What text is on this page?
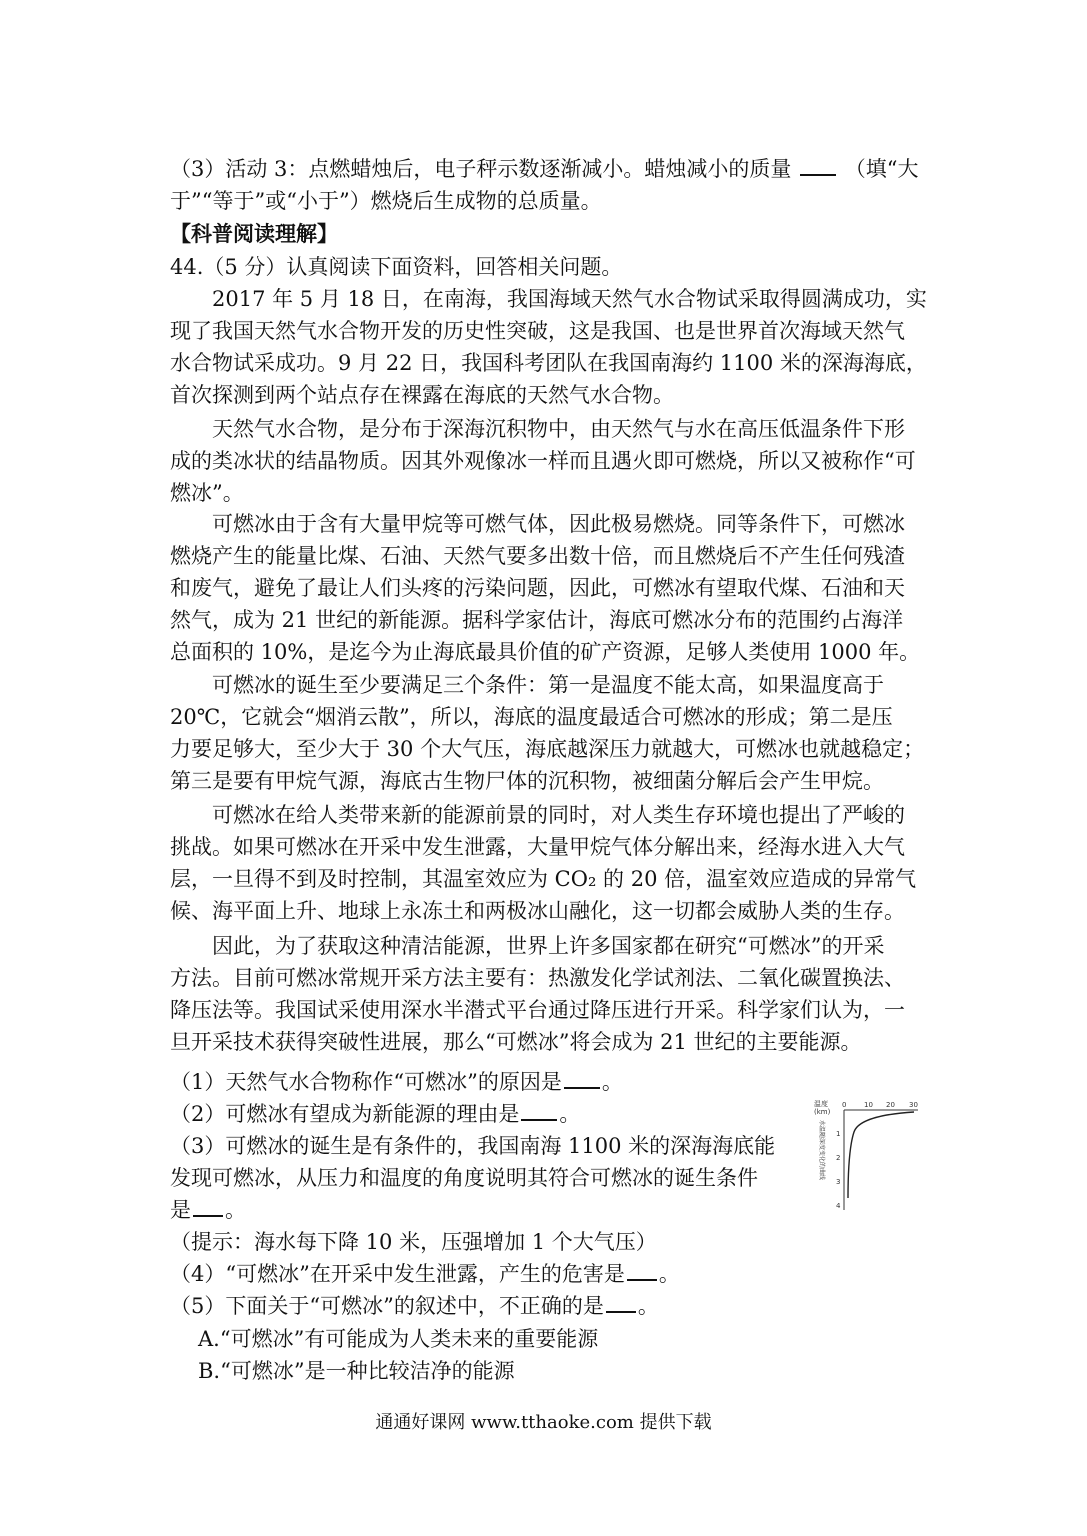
（3）活动 3：点燃蜡烛后，电子秤示数逐渐减小。蜡烛减小的质量	（填“大
于”“等于”或“小于”）燃烧后生成物的总质量。
【科普阅读理解】
44.（5 分）认真阅读下面资料，回答相关问题。
2017 年 5 月 18 日，在南海，我国海域天然气水合物试采取得圆满成功，实
现了我国天然气水合物开发的历史性突破，这是我国、也是世界首次海域天然气
水合物试采成功。9 月 22 日，我国科考团队在我国南海约 1100 米的深海海底，
首次探测到两个站点存在裸露在海底的天然气水合物。
天然气水合物，是分布于深海沉积物中，由天然气与水在高压低温条件下形
成的类冰状的结晶物质。因其外观像冰一样而且遇火即可燃烧，所以又被称作“可
燃冰”。
可燃冰由于含有大量甲烷等可燃气体，因此极易燃烧。同等条件下，可燃冰
燃烧产生的能量比煤、石油、天然气要多出数十倍，而且燃烧后不产生任何残渣
和废气，避免了最让人们头疼的污染问题，因此，可燃冰有望取代煤、石油和天
然气，成为 21 世纪的新能源。据科学家估计，海底可燃冰分布的范围约占海洋
总面积的 10%，是迄今为止海底最具价值的矿产资源，足够人类使用 1000 年。
可燃冰的诞生至少要满足三个条件：第一是温度不能太高，如果温度高于
20℃，它就会“烟消云散”，所以，海底的温度最适合可燃冰的形成；第二是压
力要足够大，至少大于 30 个大气压，海底越深压力就越大，可燃冰也就越稳定；
第三是要有甲烷气源，海底古生物尸体的沉积物，被细菌分解后会产生甲烷。
可燃冰在给人类带来新的能源前景的同时，对人类生存环境也提出了严峻的
挑战。如果可燃冰在开采中发生泄露，大量甲烷气体分解出来，经海水进入大气
层，一旦得不到及时控制，其温室效应为 CO₂ 的 20 倍，温室效应造成的异常气
候、海平面上升、地球上永冻土和两极冰山融化，这一切都会威胁人类的生存。
因此，为了获取这种清洁能源，世界上许多国家都在研究“可燃冰”的开采
方法。目前可燃冰常规开采方法主要有：热激发化学试剂法、二氧化碳置换法、
降压法等。我国试采使用深水半潜式平台通过降压进行开采。科学家们认为，一
旦开采技术获得突破性进展，那么“可燃冰”将会成为 21 世纪的主要能源。
（1）天然气水合物称作“可燃冰”的原因是 。
（2）可燃冰有望成为新能源的理由是 。
（3）可燃冰的诞生是有条件的，我国南海 1100 米的深海海底能
发现可燃冰，从压力和温度的角度说明其符合可燃冰的诞生条件
是 。
（提示：海水每下降 10 米，压强增加 1 个大气压）
（4）“可燃冰”在开采中发生泄露，产生的危害是 。
（5）下面关于“可燃冰”的叙述中，不正确的是 。
A.“可燃冰”有可能成为人类未来的重要能源
B.“可燃冰”是一种比较洁净的能源
温度
(km)
0	10 20 30
1
2
3
4
水温随深度变化的曲线
通通好课网 www.tthaoke.com 提供下载
